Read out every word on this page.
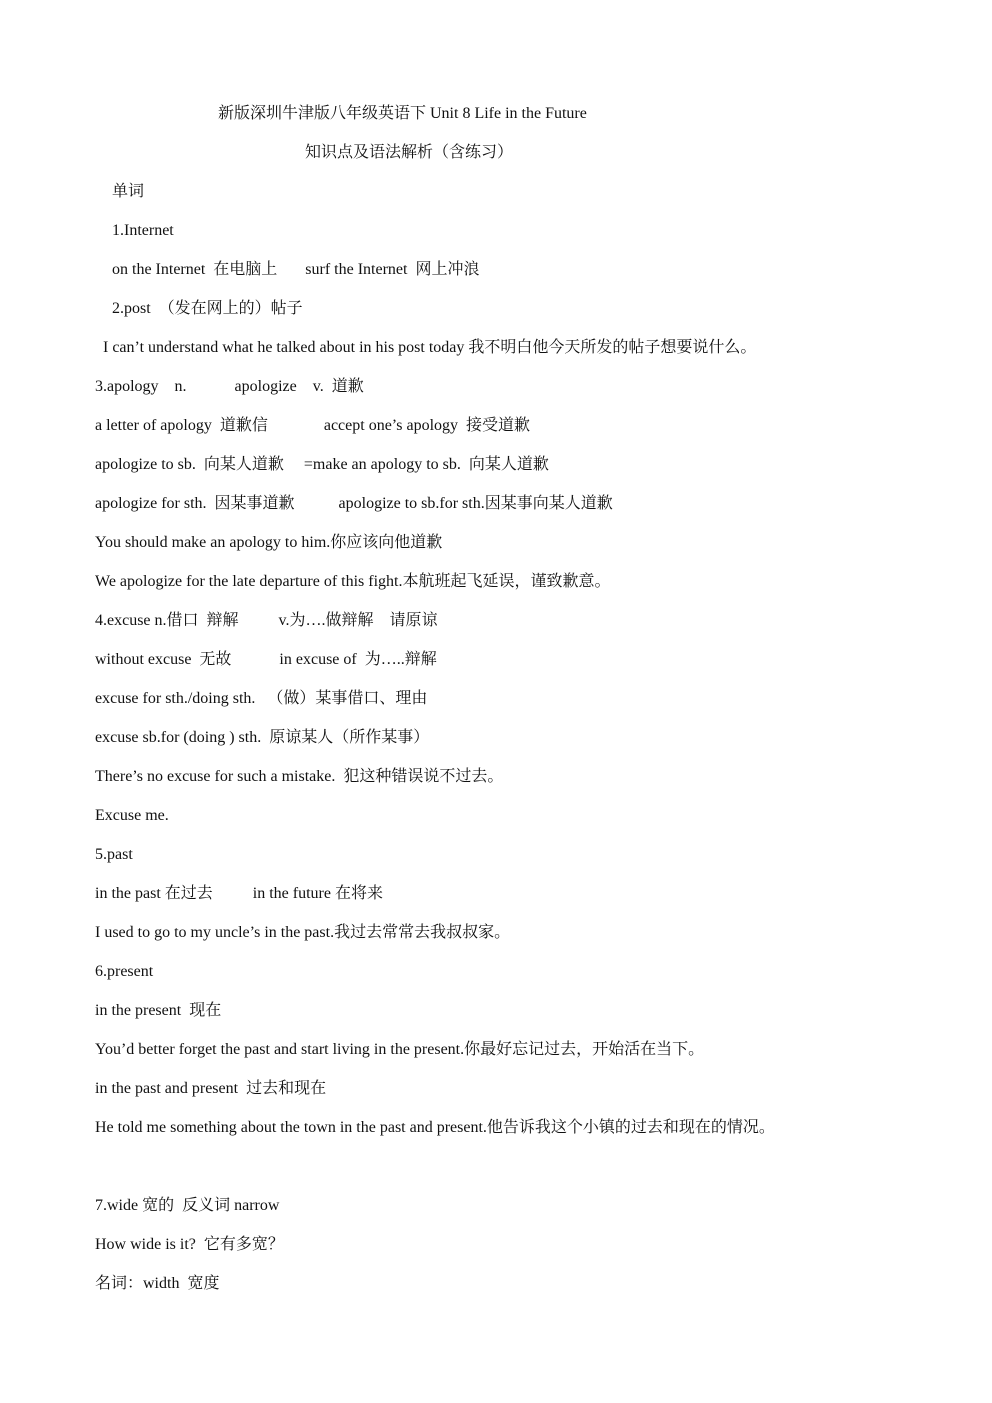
新版深圳牛津版八年级英语下 Unit 8 Life in the Future
知识点及语法解析（含练习）
单词
1.Internet
on the Internet  在电脑上       surf the Internet  网上冲浪
2.post  （发在网上的）帖子
I can’t understand what he talked about in his post today 我不明白他今天所发的帖子想要说什么。
3.apology    n.            apologize    v.  道歉
a letter of apology  道歉信              accept one’s apology  接受道歉
apologize to sb.  向某人道歉     =make an apology to sb.  向某人道歉
apologize for sth.  因某事道歉           apologize to sb.for sth.因某事向某人道歉
You should make an apology to him.你应该向他道歉
We apologize for the late departure of this fight.本航班起飞延误，谨致歉意。
4.excuse n.借口  辩解          v.为….做辩解    请原谅
without excuse  无故            in excuse of  为…..辩解
excuse for sth./doing sth.   （做）某事借口、理由
excuse sb.for (doing ) sth.  原谅某人（所作某事）
There’s no excuse for such a mistake.  犯这种错误说不过去。
Excuse me.
5.past
in the past 在过去          in the future 在将来
I used to go to my uncle’s in the past.我过去常常去我叔叔家。
6.present
in the present  现在
You’d better forget the past and start living in the present.你最好忘记过去，开始活在当下。
in the past and present  过去和现在
He told me something about the town in the past and present.他告诉我这个小镇的过去和现在的情况。
7.wide 宽的  反义词 narrow
How wide is it?  它有多宽？
名词：width  宽度
